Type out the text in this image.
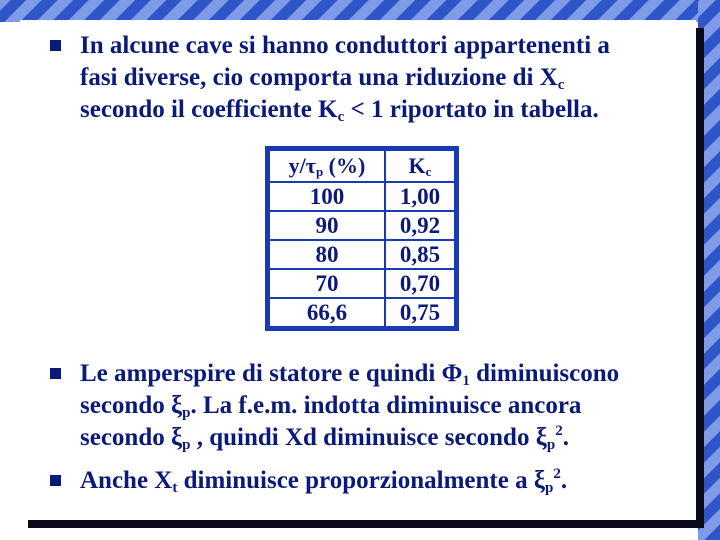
In alcune cave si hanno conduttori appartenenti a
fasi diverse, cio comporta una riduzione di $X_c$
secondo il coefficiente $K_c < 1$ riportato in tabella.
$y/\tau_p$ (%)	$K_c$
100	1,00
90	0,92
80	0,85
70	0,70
66,6	0,75
Le amperspire di statore e quindi $\Phi_1$ diminuiscono
secondo $\xi_p$. La f.e.m. indotta diminuisce ancora
secondo $\xi_p$ , quindi Xd diminuisce secondo $\xi_p^2$.
Anche $X_t$ diminuisce proporzionalmente a $\xi_p^2$.
